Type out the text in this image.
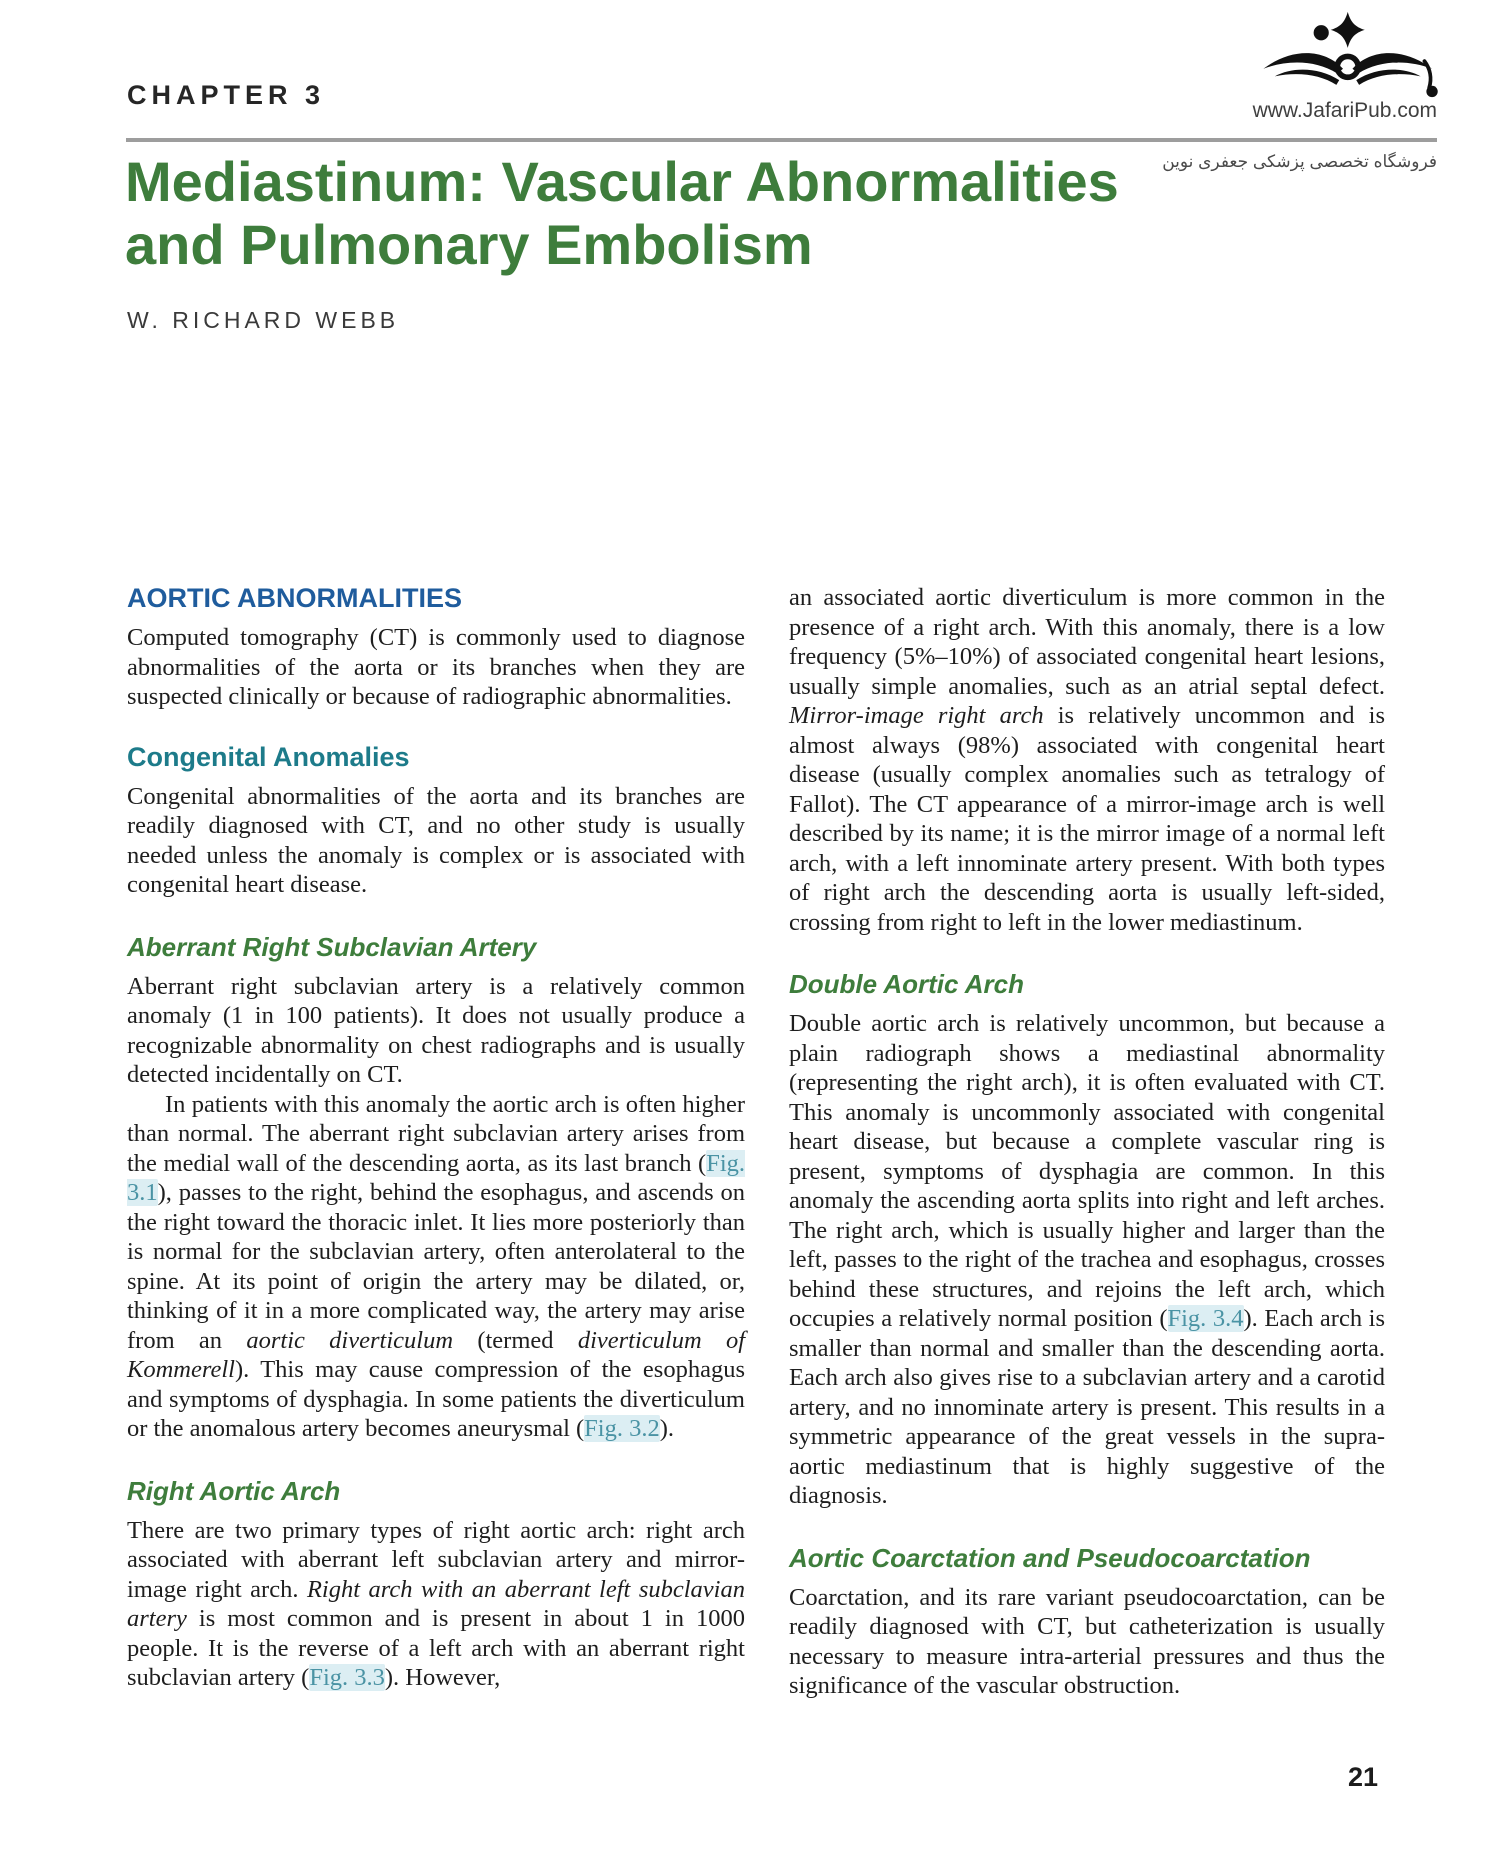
CHAPTER 3
www.JafariPub.com
فروشگاه تخصصی پزشکی جعفری نوین
Mediastinum: Vascular Abnormalities
and Pulmonary Embolism
W. RICHARD WEBB
AORTIC ABNORMALITIES

Computed tomography (CT) is commonly used to diagnose abnormalities of the aorta or its branches when they are suspected clinically or because of radiographic abnormalities.

Congenital Anomalies

Congenital abnormalities of the aorta and its branches are readily diagnosed with CT, and no other study is usually needed unless the anomaly is complex or is associated with congenital heart disease.

Aberrant Right Subclavian Artery

Aberrant right subclavian artery is a relatively common anomaly (1 in 100 patients). It does not usually produce a recognizable abnormality on chest radiographs and is usually detected incidentally on CT.

In patients with this anomaly the aortic arch is often higher than normal. The aberrant right subclavian artery arises from the medial wall of the descending aorta, as its last branch (Fig. 3.1), passes to the right, behind the esophagus, and ascends on the right toward the thoracic inlet. It lies more posteriorly than is normal for the subclavian artery, often anterolateral to the spine. At its point of origin the artery may be dilated, or, thinking of it in a more complicated way, the artery may arise from an aortic diverticulum (termed diverticulum of Kommerell). This may cause compression of the esophagus and symptoms of dysphagia. In some patients the diverticulum or the anomalous artery becomes aneurysmal (Fig. 3.2).

Right Aortic Arch

There are two primary types of right aortic arch: right arch associated with aberrant left subclavian artery and mirror-image right arch. Right arch with an aberrant left subclavian artery is most common and is present in about 1 in 1000 people. It is the reverse of a left arch with an aberrant right subclavian artery (Fig. 3.3). However,

an associated aortic diverticulum is more common in the presence of a right arch. With this anomaly, there is a low frequency (5%–10%) of associated congenital heart lesions, usually simple anomalies, such as an atrial septal defect. Mirror-image right arch is relatively uncommon and is almost always (98%) associated with congenital heart disease (usually complex anomalies such as tetralogy of Fallot). The CT appearance of a mirror-image arch is well described by its name; it is the mirror image of a normal left arch, with a left innominate artery present. With both types of right arch the descending aorta is usually left-sided, crossing from right to left in the lower mediastinum.

Double Aortic Arch

Double aortic arch is relatively uncommon, but because a plain radiograph shows a mediastinal abnormality (representing the right arch), it is often evaluated with CT. This anomaly is uncommonly associated with congenital heart disease, but because a complete vascular ring is present, symptoms of dysphagia are common. In this anomaly the ascending aorta splits into right and left arches. The right arch, which is usually higher and larger than the left, passes to the right of the trachea and esophagus, crosses behind these structures, and rejoins the left arch, which occupies a relatively normal position (Fig. 3.4). Each arch is smaller than normal and smaller than the descending aorta. Each arch also gives rise to a subclavian artery and a carotid artery, and no innominate artery is present. This results in a symmetric appearance of the great vessels in the supra-aortic mediastinum that is highly suggestive of the diagnosis.

Aortic Coarctation and Pseudocoarctation

Coarctation, and its rare variant pseudocoarctation, can be readily diagnosed with CT, but catheterization is usually necessary to measure intra-arterial pressures and thus the significance of the vascular obstruction.

21
